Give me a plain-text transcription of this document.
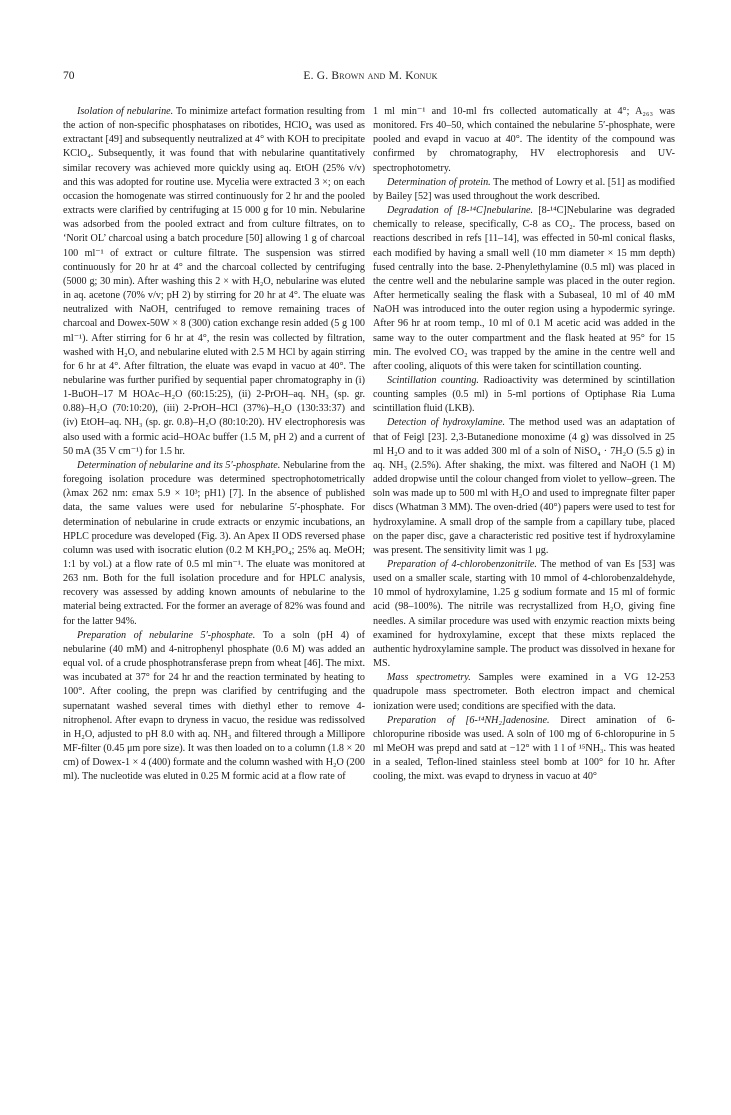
70	E. G. Brown and M. Konuk

Isolation of nebularine. To minimize artefact formation resulting from the action of non-specific phosphatases on ribotides, HClO₄ was used as extractant [49] and subsequently neutralized at 4° with KOH to precipitate KClO₄. Subsequently, it was found that with nebularine quantitatively similar recovery was achieved more quickly using aq. EtOH (25% v/v) and this was adopted for routine use. Mycelia were extracted 3 ×; on each occasion the homogenate was stirred continuously for 2 hr and the pooled extracts were clarified by centrifuging at 15 000 g for 10 min. Nebularine was adsorbed from the pooled extract and from culture filtrates, on to ‘Norit OL’ charcoal using a batch procedure [50] allowing 1 g of charcoal 100 ml⁻¹ of extract or culture filtrate. The suspension was stirred continuously for 20 hr at 4° and the charcoal collected by centrifuging (5000 g; 30 min). After washing this 2 × with H₂O, nebularine was eluted in aq. acetone (70% v/v; pH 2) by stirring for 20 hr at 4°. The eluate was neutralized with NaOH, centrifuged to remove remaining traces of charcoal and Dowex-50W × 8 (300) cation exchange resin added (5 g 100 ml⁻¹). After stirring for 6 hr at 4°, the resin was collected by filtration, washed with H₂O, and nebularine eluted with 2.5 M HCl by again stirring for 6 hr at 4°. After filtration, the eluate was evapd in vacuo at 40°. The nebularine was further purified by sequential paper chromatography in (i) 1-BuOH–17 M HOAc–H₂O (60:15:25), (ii) 2-PrOH–aq. NH₃ (sp. gr. 0.88)–H₂O (70:10:20), (iii) 2-PrOH–HCl (37%)–H₂O (130:33:37) and (iv) EtOH–aq. NH₃ (sp. gr. 0.8)–H₂O (80:10:20). HV electrophoresis was also used with a formic acid–HOAc buffer (1.5 M, pH 2) and a current of 50 mA (35 V cm⁻¹) for 1.5 hr.

Determination of nebularine and its 5′-phosphate. Nebularine from the foregoing isolation procedure was determined spectrophotometrically (λmax 262 nm: εmax 5.9 × 10³; pH1) [7]. In the absence of published data, the same values were used for nebularine 5′-phosphate. For determination of nebularine in crude extracts or enzymic incubations, an HPLC procedure was developed (Fig. 3). An Apex II ODS reversed phase column was used with isocratic elution (0.2 M KH₂PO₄; 25% aq. MeOH; 1:1 by vol.) at a flow rate of 0.5 ml min⁻¹. The eluate was monitored at 263 nm. Both for the full isolation procedure and for HPLC analysis, recovery was assessed by adding known amounts of nebularine to the material being extracted. For the former an average of 82% was found and for the latter 94%.

Preparation of nebularine 5′-phosphate. To a soln (pH 4) of nebularine (40 mM) and 4-nitrophenyl phosphate (0.6 M) was added an equal vol. of a crude phosphotransferase prepn from wheat [46]. The mixt. was incubated at 37° for 24 hr and the reaction terminated by heating to 100°. After cooling, the prepn was clarified by centrifuging and the supernatant washed several times with diethyl ether to remove 4-nitrophenol. After evapn to dryness in vacuo, the residue was redissolved in H₂O, adjusted to pH 8.0 with aq. NH₃ and filtered through a Millipore MF-filter (0.45 μm pore size). It was then loaded on to a column (1.8 × 20 cm) of Dowex-1 × 4 (400) formate and the column washed with H₂O (200 ml). The nucleotide was eluted in 0.25 M formic acid at a flow rate of

1 ml min⁻¹ and 10-ml frs collected automatically at 4°; A₂₆₃ was monitored. Frs 40–50, which contained the nebularine 5′-phosphate, were pooled and evapd in vacuo at 40°. The identity of the compound was confirmed by chromatography, HV electrophoresis and UV-spectrophotometry.

Determination of protein. The method of Lowry et al. [51] as modified by Bailey [52] was used throughout the work described.

Degradation of [8-¹⁴C]nebularine. [8-¹⁴C]Nebularine was degraded chemically to release, specifically, C-8 as CO₂. The process, based on reactions described in refs [11–14], was effected in 50-ml conical flasks, each modified by having a small well (10 mm diameter × 15 mm depth) fused centrally into the base. 2-Phenylethylamine (0.5 ml) was placed in the centre well and the nebularine sample was placed in the outer region. After hermetically sealing the flask with a Subaseal, 10 ml of 40 mM NaOH was introduced into the outer region using a hypodermic syringe. After 96 hr at room temp., 10 ml of 0.1 M acetic acid was added in the same way to the outer compartment and the flask heated at 95° for 15 min. The evolved CO₂ was trapped by the amine in the centre well and after cooling, aliquots of this were taken for scintillation counting.

Scintillation counting. Radioactivity was determined by scintillation counting samples (0.5 ml) in 5-ml portions of Optiphase Ria Luma scintillation fluid (LKB).

Detection of hydroxylamine. The method used was an adaptation of that of Feigl [23]. 2,3-Butanedione monoxime (4 g) was dissolved in 25 ml H₂O and to it was added 300 ml of a soln of NiSO₄ · 7H₂O (5.5 g) in aq. NH₃ (2.5%). After shaking, the mixt. was filtered and NaOH (1 M) added dropwise until the colour changed from violet to yellow–green. The soln was made up to 500 ml with H₂O and used to impregnate filter paper discs (Whatman 3 MM). The oven-dried (40°) papers were used to test for hydroxylamine. A small drop of the sample from a capillary tube, placed on the paper disc, gave a characteristic red positive test if hydroxylamine was present. The sensitivity limit was 1 μg.

Preparation of 4-chlorobenzonitrile. The method of van Es [53] was used on a smaller scale, starting with 10 mmol of 4-chlorobenzaldehyde, 10 mmol of hydroxylamine, 1.25 g sodium formate and 15 ml of formic acid (98–100%). The nitrile was recrystallized from H₂O, giving fine needles. A similar procedure was used with enzymic reaction mixts being examined for hydroxylamine, except that these mixts replaced the authentic hydroxylamine sample. The product was dissolved in hexane for MS.

Mass spectrometry. Samples were examined in a VG 12-253 quadrupole mass spectrometer. Both electron impact and chemical ionization were used; conditions are specified with the data.

Preparation of [6-¹⁴NH₂]adenosine. Direct amination of 6-chloropurine riboside was used. A soln of 100 mg of 6-chloropurine in 5 ml MeOH was prepd and satd at −12° with 1 l of ¹⁵NH₃. This was heated in a sealed, Teflon-lined stainless steel bomb at 100° for 10 hr. After cooling, the mixt. was evapd to dryness in vacuo at 40°
